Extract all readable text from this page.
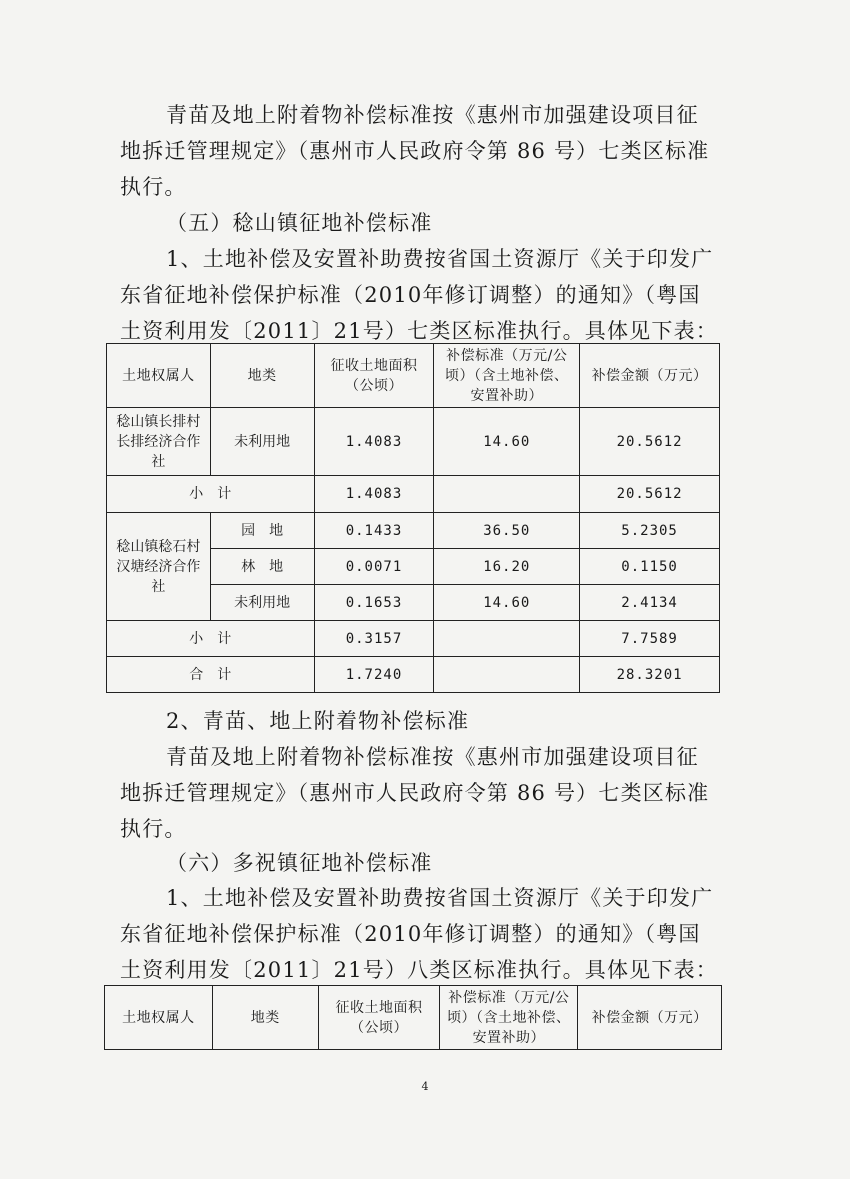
青苗及地上附着物补偿标准按《惠州市加强建设项目征地拆迁管理规定》（惠州市人民政府令第 86 号）七类区标准执行。

（五）稔山镇征地补偿标准

1、土地补偿及安置补助费按省国土资源厅《关于印发广东省征地补偿保护标准（2010年修订调整）的通知》（粤国土资利用发〔2011〕21号）七类区标准执行。具体见下表：

土地权属人	地类	征收土地面积（公顷）	补偿标准（万元/公顷）（含土地补偿、安置补助）	补偿金额（万元）
稔山镇长排村长排经济合作社	未利用地	1.4083	14.60	20.5612
小　计		1.4083		20.5612
稔山镇稔石村汉塘经济合作社	园　地	0.1433	36.50	5.2305
	林　地	0.0071	16.20	0.1150
	未利用地	0.1653	14.60	2.4134
小　计		0.3157		7.7589
合　计		1.7240		28.3201

2、青苗、地上附着物补偿标准

青苗及地上附着物补偿标准按《惠州市加强建设项目征地拆迁管理规定》（惠州市人民政府令第 86 号）七类区标准执行。

（六）多祝镇征地补偿标准

1、土地补偿及安置补助费按省国土资源厅《关于印发广东省征地补偿保护标准（2010年修订调整）的通知》（粤国土资利用发〔2011〕21号）八类区标准执行。具体见下表：

土地权属人	地类	征收土地面积（公顷）	补偿标准（万元/公顷）（含土地补偿、安置补助）	补偿金额（万元）
4
